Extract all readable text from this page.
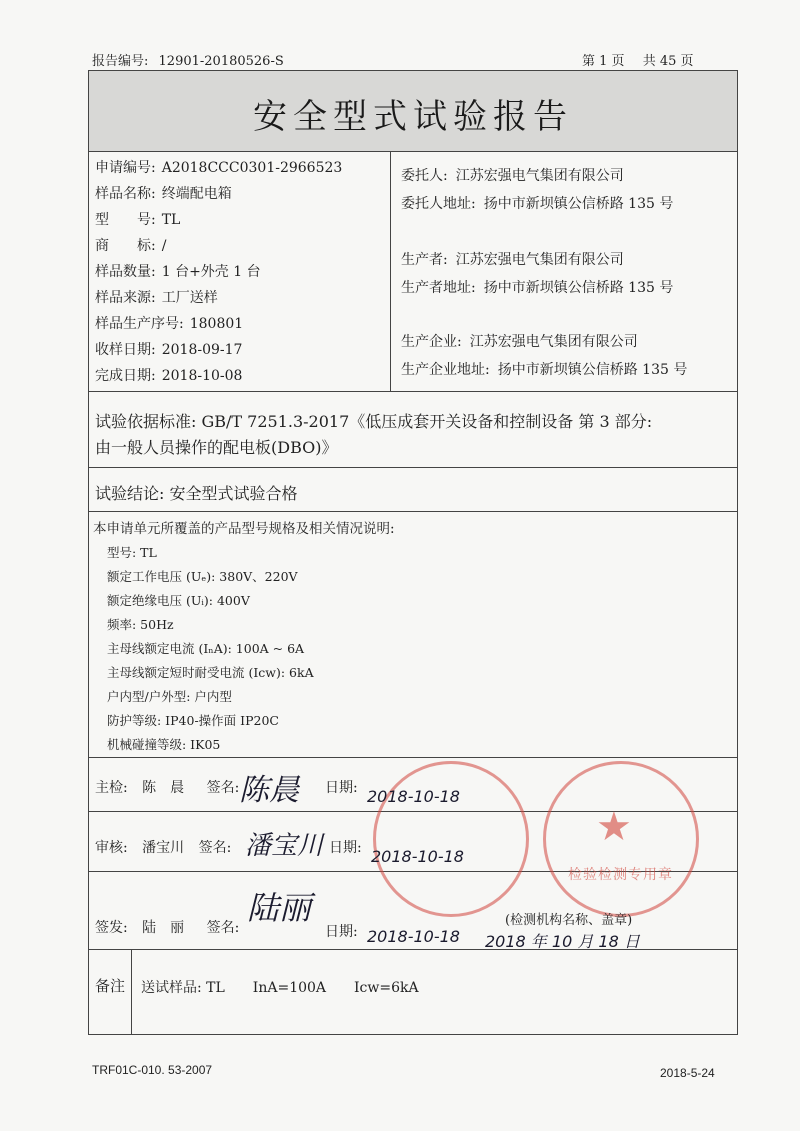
报告编号: 12901-20180526-S	第 1 页 共 45 页
安全型式试验报告
申请编号: A2018CCC0301-2966523
样品名称: 终端配电箱
型　　号: TL
商　　标: /
样品数量: 1 台+外壳 1 台
样品来源: 工厂送样
样品生产序号: 180801
收样日期: 2018-09-17
完成日期: 2018-10-08
委托人: 江苏宏强电气集团有限公司
委托人地址: 扬中市新坝镇公信桥路 135 号
生产者: 江苏宏强电气集团有限公司
生产者地址: 扬中市新坝镇公信桥路 135 号
生产企业: 江苏宏强电气集团有限公司
生产企业地址: 扬中市新坝镇公信桥路 135 号
试验依据标准: GB/T 7251.3-2017《低压成套开关设备和控制设备 第 3 部分:
由一般人员操作的配电板(DBO)》
试验结论: 安全型式试验合格
本申请单元所覆盖的产品型号规格及相关情况说明:
型号: TL
额定工作电压 (Uₑ): 380V、220V
额定绝缘电压 (Uᵢ): 400V
频率: 50Hz
主母线额定电流 (IₙA): 100A ~ 6A
主母线额定短时耐受电流 (Icw): 6kA
户内型/户外型: 户内型
防护等级: IP40-操作面 IP20C
机械碰撞等级: IK05
★
检验检测专用章
主检: 陈　晨 签名: 陈晨 日期: 2018-10-18
审核: 潘宝川 签名: 潘宝川 日期: 2018-10-18
签发: 陆　丽 签名:
陆丽
日期: 2018-10-18
(检测机构名称、盖章)
2018 年 10 月 18 日
备注 送试样品: TL　　InA=100A　　Icw=6kA
TRF01C-010. 53-2007	2018-5-24
